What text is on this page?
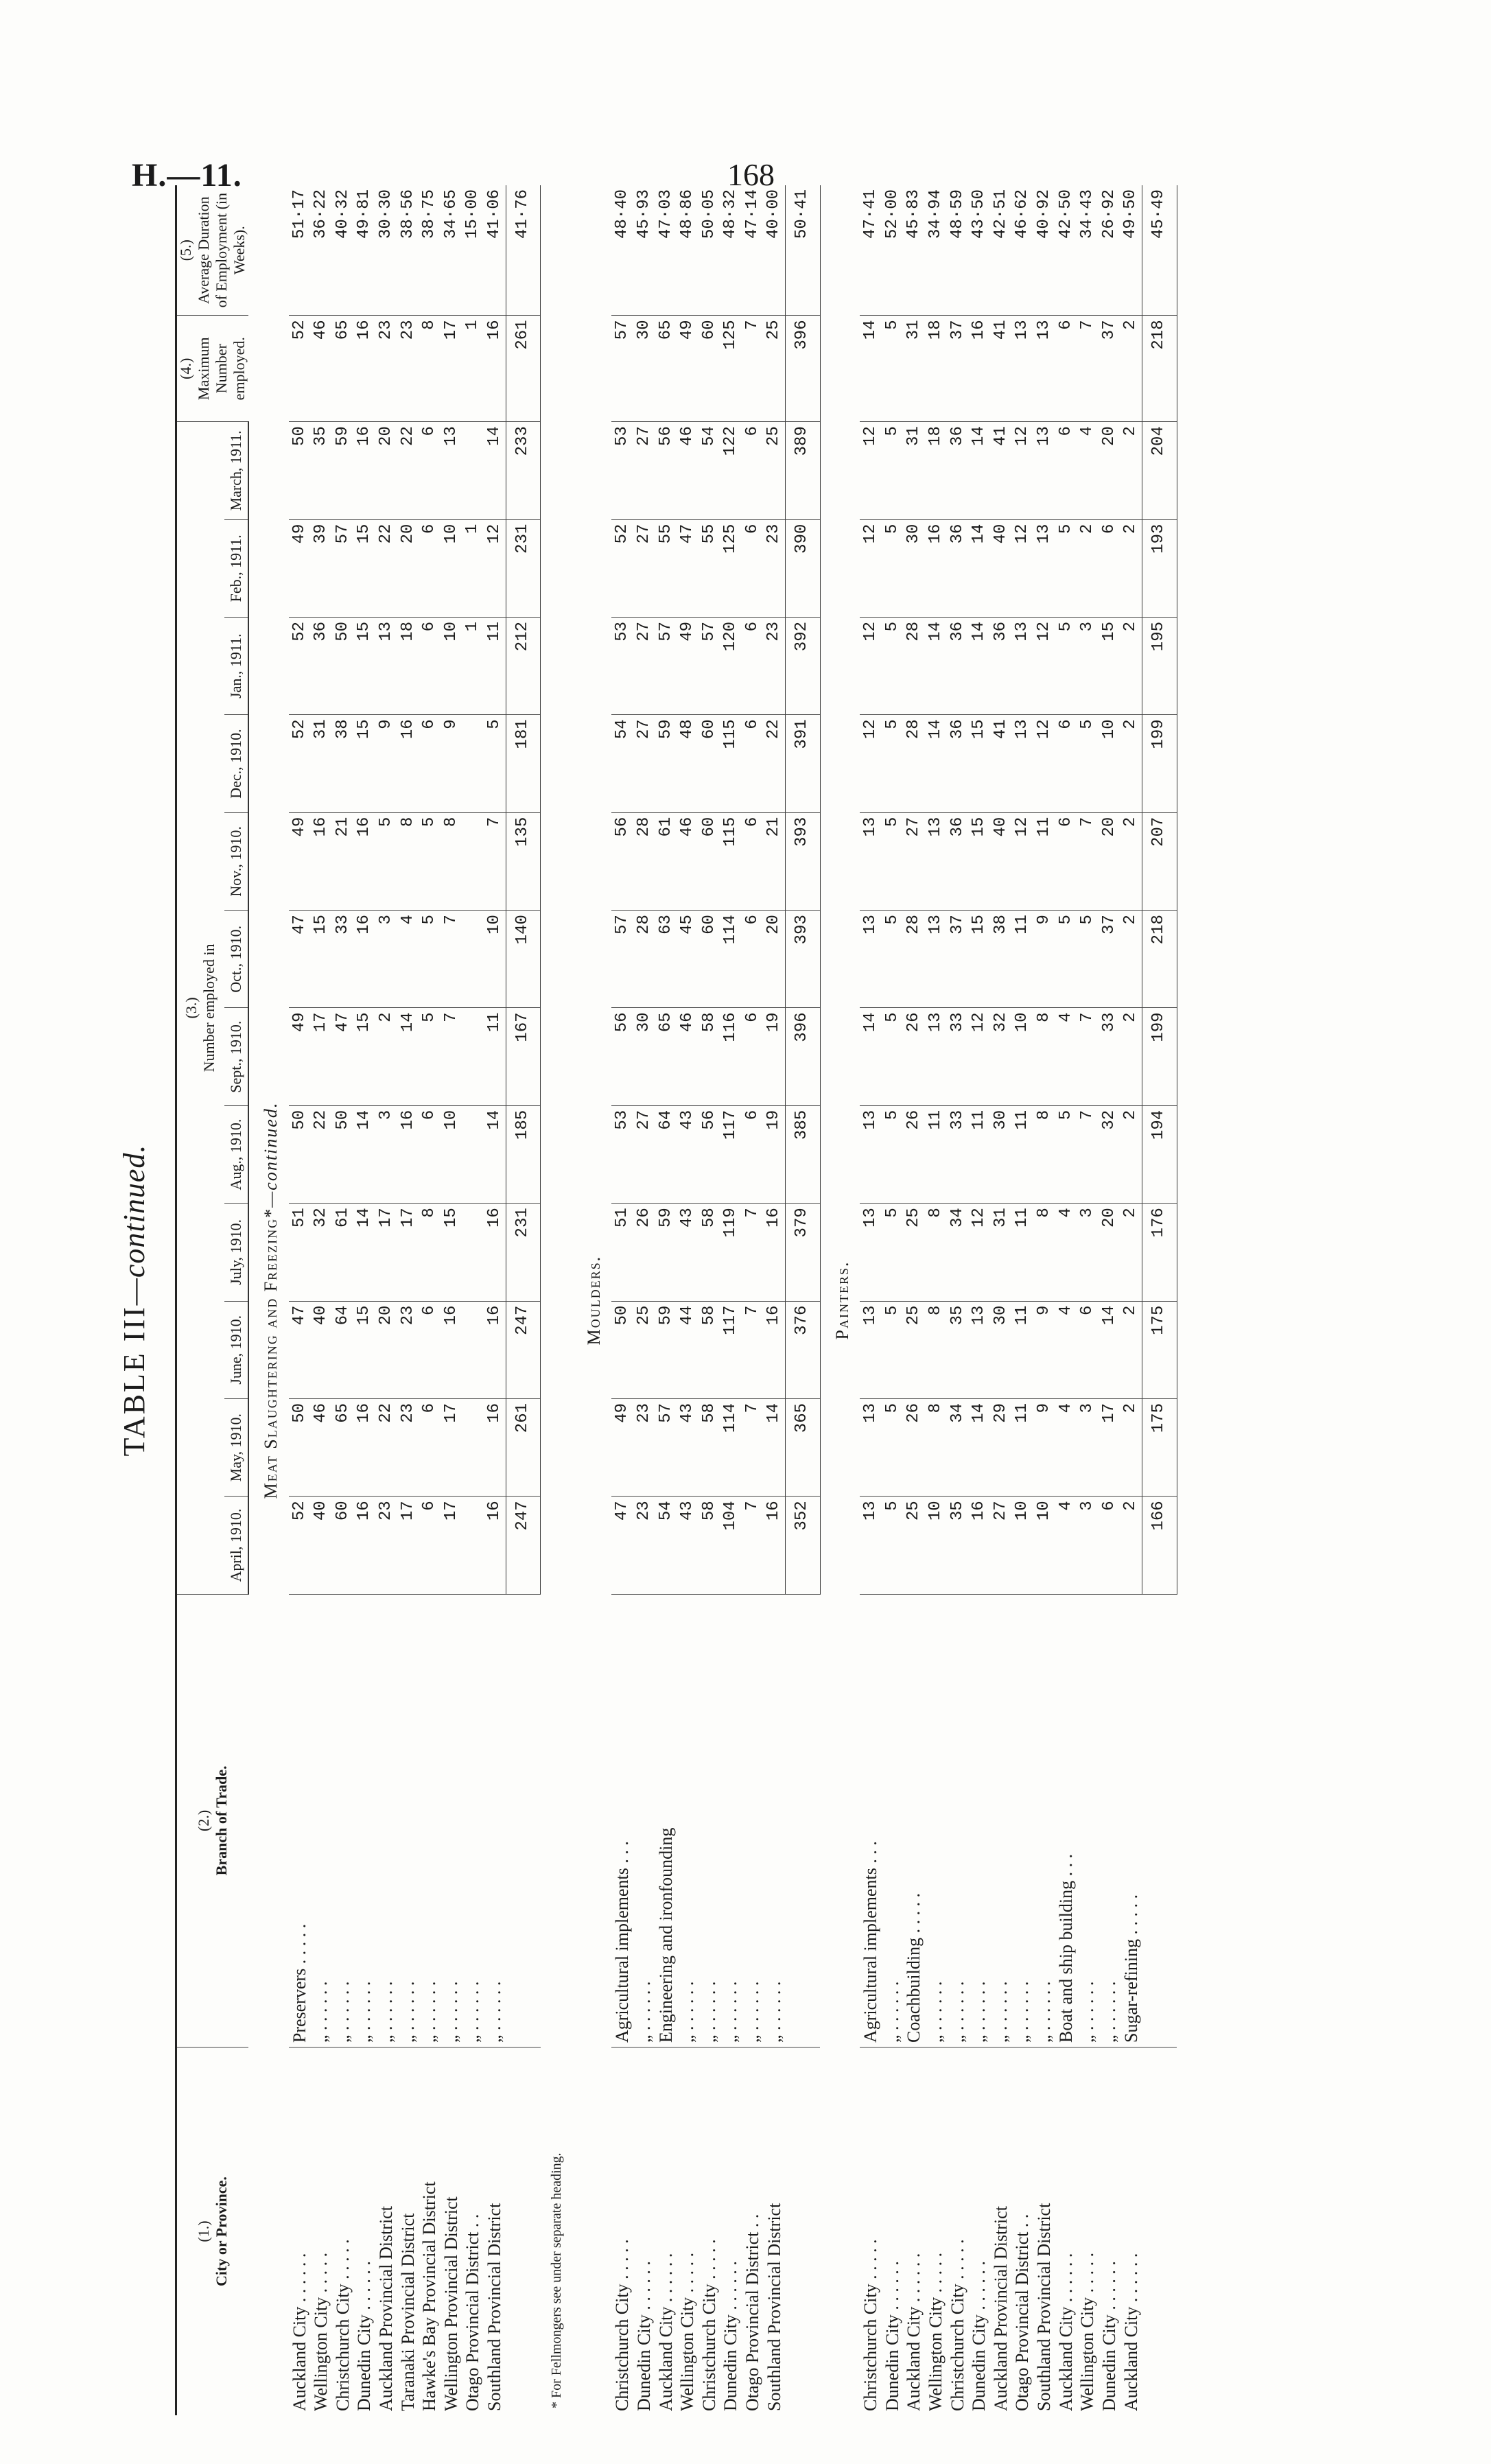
H.—11.	168
TABLE III—continued.
(1.) City or Province.	(2.) Branch of Trade.	(3.) Number employed in												(4.) Maximum Number employed.	(5.) Average Duration of Employment (in Weeks).

		April, 1910.	May, 1910.	June, 1910.	July, 1910.	Aug., 1910.	Sept., 1910.	Oct., 1910.	Nov., 1910.	Dec., 1910.	Jan., 1911.	Feb., 1911.	March, 1911.		
Meat Slaughtering and Freezing*—continued.															
Auckland City . . . . . .	Preservers . . . . .	52	50	47	51	50	49	47	49	52	52	49	50	52	51·17
Wellington City . . . . .	„ . . . . . .	40	46	40	32	22	17	15	16	31	36	39	35	46	36·22
Christchurch City . . . . .	„ . . . . . .	60	65	64	61	50	47	33	21	38	50	57	59	65	40·32
Dunedin City . . . . . .	„ . . . . . .	16	16	15	14	14	15	16	16	15	15	15	16	16	49·81
Auckland Provincial District	„ . . . . . .	23	22	20	17	3	2	3	5	9	13	22	20	23	30·30
Taranaki Provincial District	„ . . . . . .	17	23	23	17	16	14	4	8	16	18	20	22	23	38·56
Hawke's Bay Provincial District	„ . . . . . .	6	6	6	8	6	5	5	5	6	6	6	6	8	38·75
Wellington Provincial District	„ . . . . . .	17	17	16	15	10	7	7	8	9	10	10	13	17	34·65
Otago Provincial District . .	„ . . . . . .										1	1		1	15·00
Southland Provincial District	„ . . . . . .	16	16	16	16	14	11	10	7	5	11	12	14	16	41·06
		247	261	247	231	185	167	140	135	181	212	231	233	261	41·76
* For Fellmongers see under separate heading.															
Moulders.															
Christchurch City . . . . .	Agricultural implements . . .	47	49	50	51	53	56	57	56	54	53	52	53	57	48·40
Dunedin City . . . . . .	„ . . . . . .	23	23	25	26	27	30	28	28	27	27	27	27	30	45·93
Auckland City . . . . . .	Engineering and ironfounding	54	57	59	59	64	65	63	61	59	57	55	56	65	47·03
Wellington City . . . . .	„ . . . . . .	43	43	44	43	43	46	45	46	48	49	47	46	49	48·86
Christchurch City . . . . .	„ . . . . . .	58	58	58	58	56	58	60	60	60	57	55	54	60	50·05
Dunedin City . . . . . .	„ . . . . . .	104	114	117	119	117	116	114	115	115	120	125	122	125	48·32
Otago Provincial District . .	„ . . . . . .	7	7	7	7	6	6	6	6	6	6	6	6	7	47·14
Southland Provincial District	„ . . . . . .	16	14	16	16	19	19	20	21	22	23	23	25	25	40·00
		352	365	376	379	385	396	393	393	391	392	390	389	396	50·41
Painters.															
Christchurch City . . . . .	Agricultural implements . . .	13	13	13	13	13	14	13	13	12	12	12	12	14	47·41
Dunedin City . . . . . .	„ . . . . . .	5	5	5	5	5	5	5	5	5	5	5	5	5	52·00
Auckland City . . . . . .	Coachbuilding . . . . .	25	26	25	25	26	26	28	27	28	28	30	31	31	45·83
Wellington City . . . . .	„ . . . . . .	10	8	8	8	11	13	13	13	14	14	16	18	18	34·94
Christchurch City . . . . .	„ . . . . . .	35	34	35	34	33	33	37	36	36	36	36	36	37	48·59
Dunedin City . . . . . .	„ . . . . . .	16	14	13	12	11	12	15	15	15	14	14	14	16	43·50
Auckland Provincial District	„ . . . . . .	27	29	30	31	30	32	38	40	41	36	40	41	41	42·51
Otago Provincial District . .	„ . . . . . .	10	11	11	11	11	10	11	12	13	13	12	12	13	46·62
Southland Provincial District	„ . . . . . .	10	9	9	8	8	8	9	11	12	12	13	13	13	40·92
Auckland City . . . . . .	Boat and ship building . . .	4	4	4	4	5	4	5	6	6	5	5	6	6	42·50
Wellington City . . . . .	„ . . . . . .	3	3	6	3	7	7	5	7	5	3	2	4	7	34·43
Dunedin City . . . . . .	„ . . . . . .	6	17	14	20	32	33	37	20	10	15	6	20	37	26·92
Auckland City . . . . . .	Sugar-refining . . . . .	2	2	2	2	2	2	2	2	2	2	2	2	2	49·50
		166	175	175	176	194	199	218	207	199	195	193	204	218	45·49
